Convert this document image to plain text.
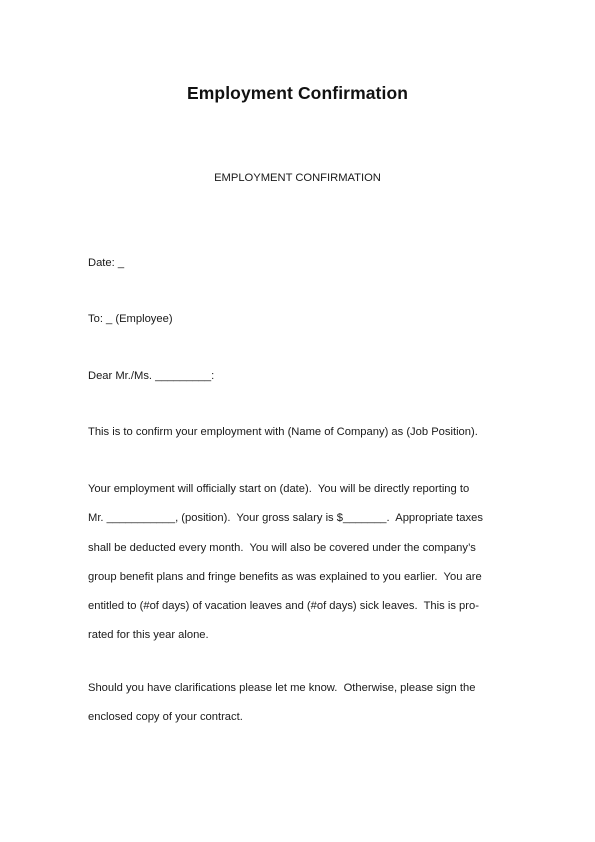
Employment Confirmation
EMPLOYMENT CONFIRMATION
Date: _
To: _ (Employee)
Dear Mr./Ms. _________:
This is to confirm your employment with (Name of Company) as (Job Position).
Your employment will officially start on (date).  You will be directly reporting to
Mr. ___________, (position).  Your gross salary is $_______.  Appropriate taxes
shall be deducted every month.  You will also be covered under the company’s
group benefit plans and fringe benefits as was explained to you earlier.  You are
entitled to (#of days) of vacation leaves and (#of days) sick leaves.  This is pro-
rated for this year alone.
Should you have clarifications please let me know.  Otherwise, please sign the
enclosed copy of your contract.
